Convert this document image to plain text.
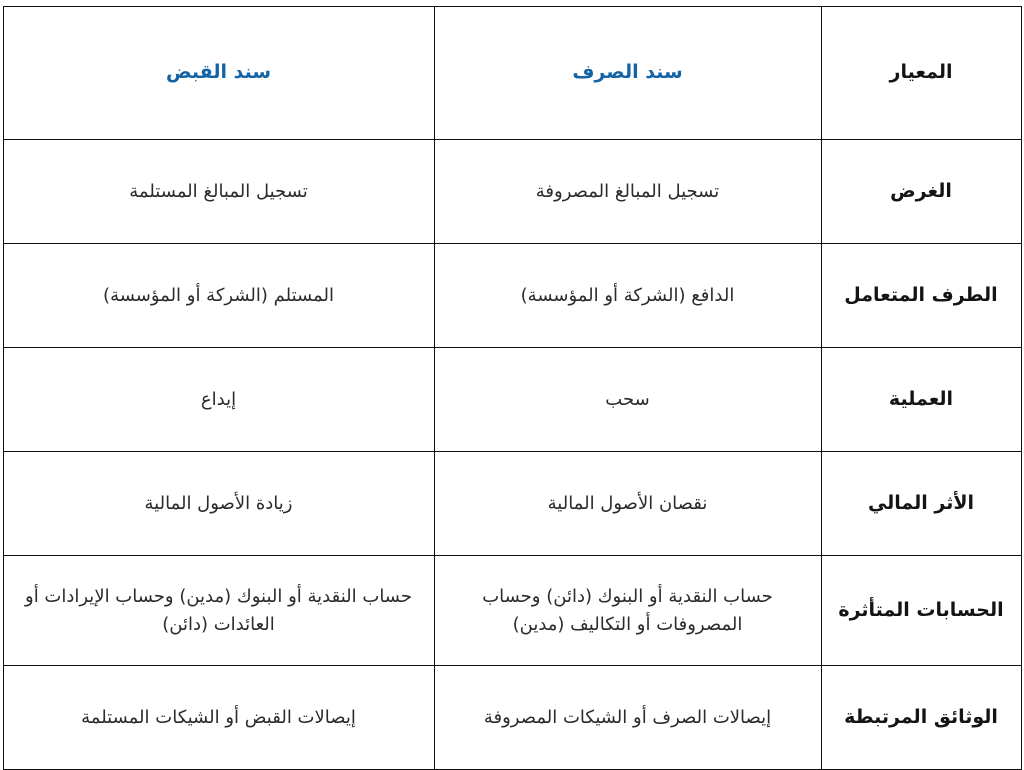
المعيار	سند الصرف	سند القبض
الغرض	تسجيل المبالغ المصروفة	تسجيل المبالغ المستلمة
الطرف المتعامل	الدافع (الشركة أو المؤسسة)	المستلم (الشركة أو المؤسسة)
العملية	سحب	إيداع
الأثر المالي	نقصان الأصول المالية	زيادة الأصول المالية
الحسابات المتأثرة	حساب النقدية أو البنوك (دائن) وحساب المصروفات أو التكاليف (مدين)	حساب النقدية أو البنوك (مدين) وحساب الإيرادات أو العائدات (دائن)
الوثائق المرتبطة	إيصالات الصرف أو الشيكات المصروفة	إيصالات القبض أو الشيكات المستلمة
